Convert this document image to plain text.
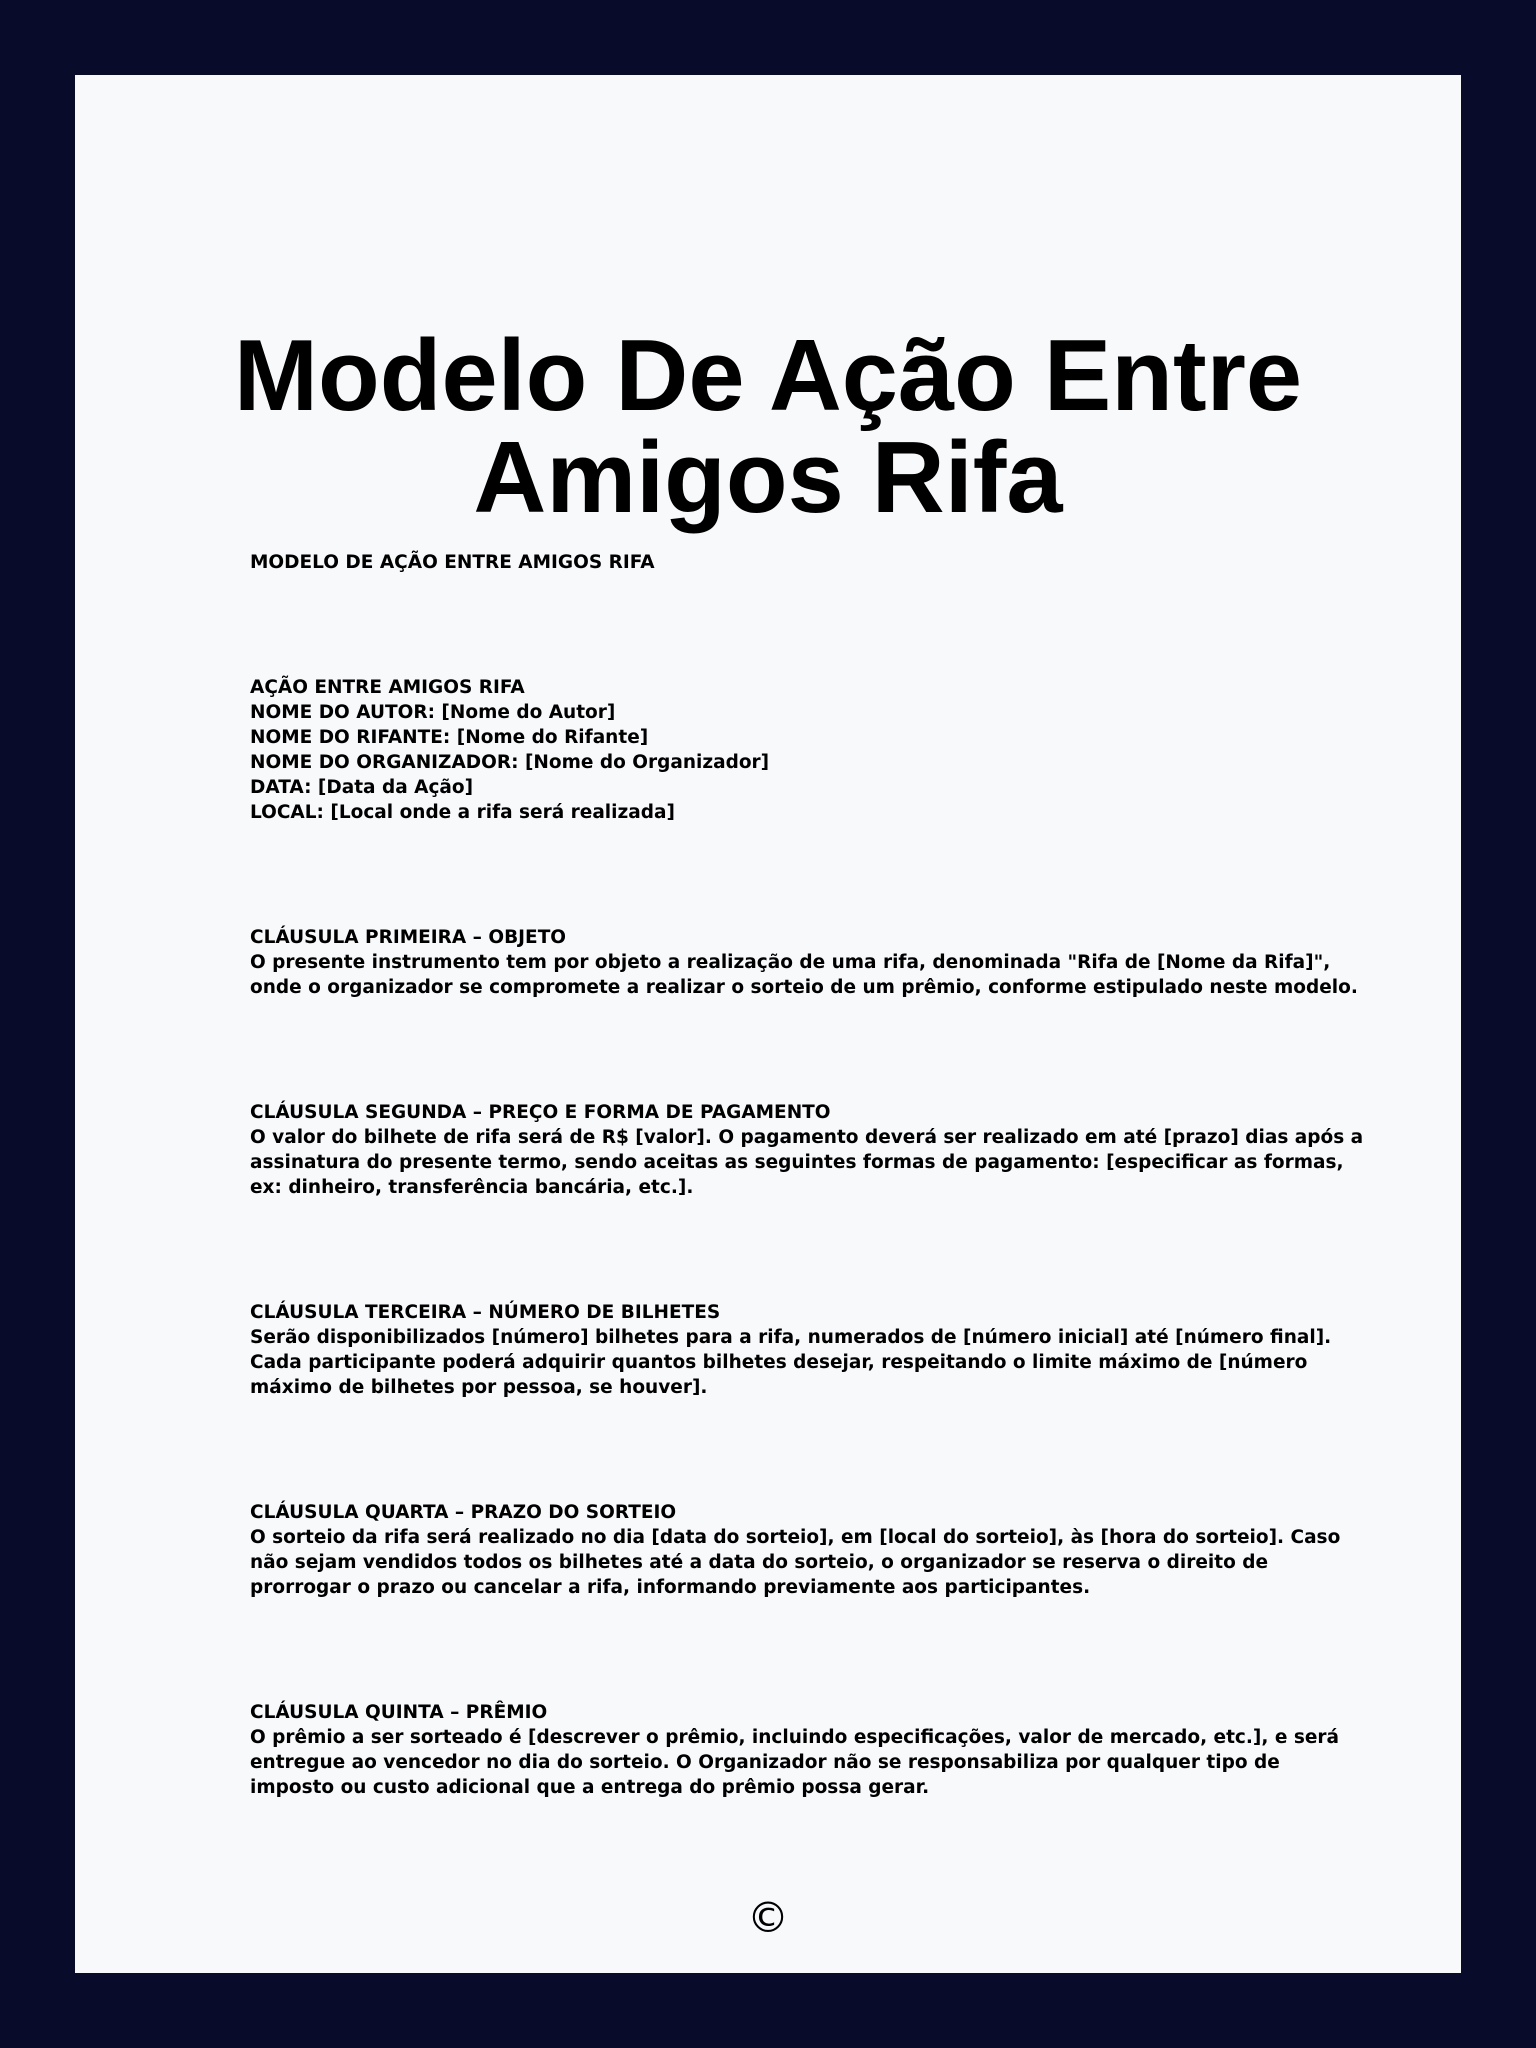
Modelo De Ação Entre Amigos Rifa

MODELO DE AÇÃO ENTRE AMIGOS RIFA

AÇÃO ENTRE AMIGOS RIFA

NOME DO AUTOR: [Nome do Autor]

NOME DO RIFANTE: [Nome do Rifante]

NOME DO ORGANIZADOR: [Nome do Organizador]

DATA: [Data da Ação]

LOCAL: [Local onde a rifa será realizada]

CLÁUSULA PRIMEIRA – OBJETO

O presente instrumento tem por objeto a realização de uma rifa, denominada "Rifa de [Nome da Rifa]", onde o organizador se compromete a realizar o sorteio de um prêmio, conforme estipulado neste modelo.

CLÁUSULA SEGUNDA – PREÇO E FORMA DE PAGAMENTO

O valor do bilhete de rifa será de R$ [valor]. O pagamento deverá ser realizado em até [prazo] dias após a assinatura do presente termo, sendo aceitas as seguintes formas de pagamento: [especificar as formas, ex: dinheiro, transferência bancária, etc.].

CLÁUSULA TERCEIRA – NÚMERO DE BILHETES

Serão disponibilizados [número] bilhetes para a rifa, numerados de [número inicial] até [número final]. Cada participante poderá adquirir quantos bilhetes desejar, respeitando o limite máximo de [número máximo de bilhetes por pessoa, se houver].

CLÁUSULA QUARTA – PRAZO DO SORTEIO

O sorteio da rifa será realizado no dia [data do sorteio], em [local do sorteio], às [hora do sorteio]. Caso não sejam vendidos todos os bilhetes até a data do sorteio, o organizador se reserva o direito de prorrogar o prazo ou cancelar a rifa, informando previamente aos participantes.

CLÁUSULA QUINTA – PRÊMIO

O prêmio a ser sorteado é [descrever o prêmio, incluindo especificações, valor de mercado, etc.], e será entregue ao vencedor no dia do sorteio. O Organizador não se responsabiliza por qualquer tipo de imposto ou custo adicional que a entrega do prêmio possa gerar.

©
